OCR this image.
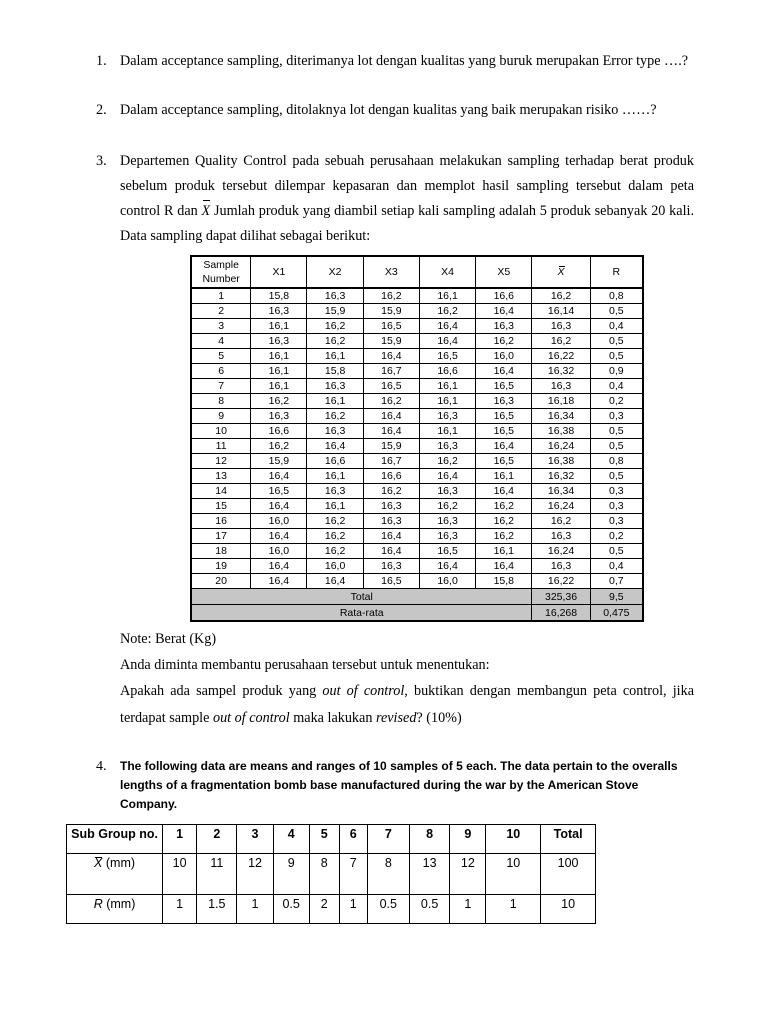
1. Dalam acceptance sampling, diterimanya lot dengan kualitas yang buruk merupakan Error type ….?
2. Dalam acceptance sampling, ditolaknya lot dengan kualitas yang baik merupakan risiko ……?
3. Departemen Quality Control pada sebuah perusahaan melakukan sampling terhadap berat produk sebelum produk tersebut dilempar kepasaran dan memplot hasil sampling tersebut dalam peta control R dan X Jumlah produk yang diambil setiap kali sampling adalah 5 produk sebanyak 20 kali. Data sampling dapat dilihat sebagai berikut:
Sample
Number	X1	X2	X3	X4	X5	X	R
1	15,8	16,3	16,2	16,1	16,6	16,2	0,8
2	16,3	15,9	15,9	16,2	16,4	16,14	0,5
3	16,1	16,2	16,5	16,4	16,3	16,3	0,4
4	16,3	16,2	15,9	16,4	16,2	16,2	0,5
5	16,1	16,1	16,4	16,5	16,0	16,22	0,5
6	16,1	15,8	16,7	16,6	16,4	16,32	0,9
7	16,1	16,3	16,5	16,1	16,5	16,3	0,4
8	16,2	16,1	16,2	16,1	16,3	16,18	0,2
9	16,3	16,2	16,4	16,3	16,5	16,34	0,3
10	16,6	16,3	16,4	16,1	16,5	16,38	0,5
11	16,2	16,4	15,9	16,3	16,4	16,24	0,5
12	15,9	16,6	16,7	16,2	16,5	16,38	0,8
13	16,4	16,1	16,6	16,4	16,1	16,32	0,5
14	16,5	16,3	16,2	16,3	16,4	16,34	0,3
15	16,4	16,1	16,3	16,2	16,2	16,24	0,3
16	16,0	16,2	16,3	16,3	16,2	16,2	0,3
17	16,4	16,2	16,4	16,3	16,2	16,3	0,2
18	16,0	16,2	16,4	16,5	16,1	16,24	0,5
19	16,4	16,0	16,3	16,4	16,4	16,3	0,4
20	16,4	16,4	16,5	16,0	15,8	16,22	0,7
Total						325,36	9,5
Rata-rata						16,268	0,475
Note: Berat (Kg)
Anda diminta membantu perusahaan tersebut untuk menentukan:
Apakah ada sampel produk yang out of control, buktikan dengan membangun peta control, jika terdapat sample out of control maka lakukan revised? (10%)
4. The following data are means and ranges of 10 samples of 5 each. The data pertain to the overalls lengths of a fragmentation bomb base manufactured during the war by the American Stove Company.
Sub Group no.	1	2	3	4	5	6	7	8	9	10	Total
X (mm)	10	11	12	9	8	7	8	13	12	10	100
R (mm)	1	1.5	1	0.5	2	1	0.5	0.5	1	1	10
